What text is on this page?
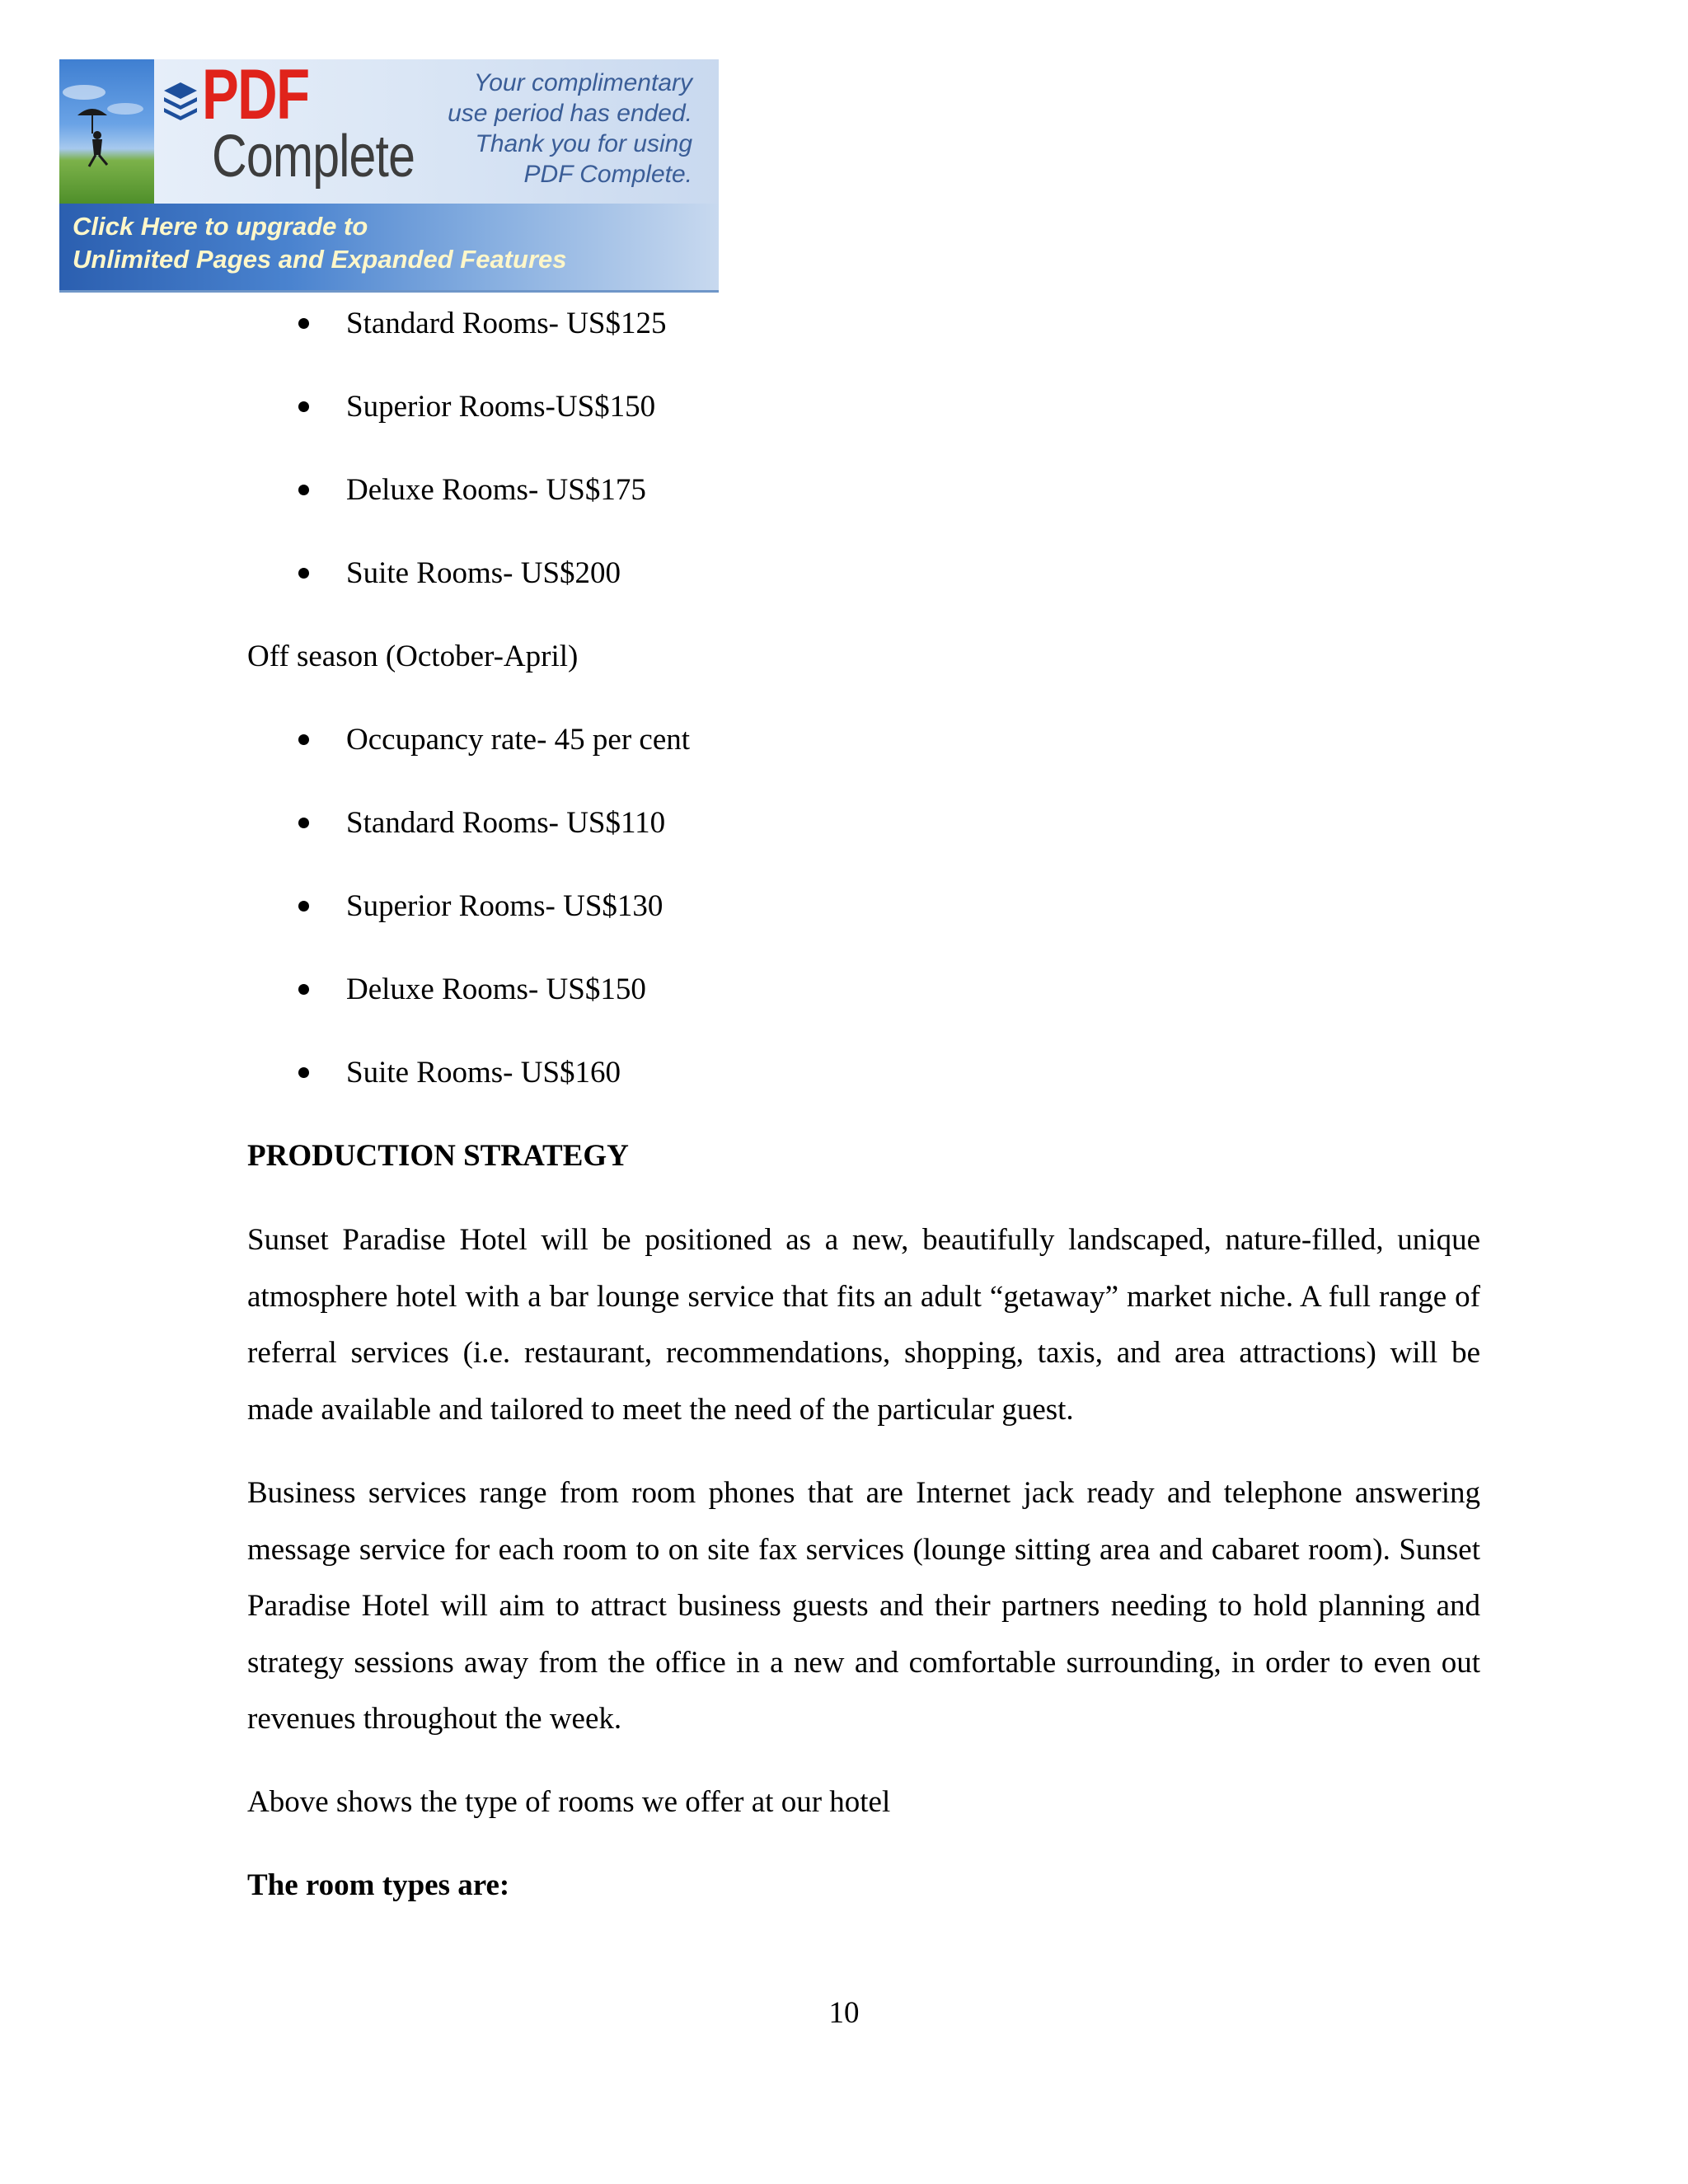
PDF
Complete
Your complimentary
use period has ended.
Thank you for using
PDF Complete.
Click Here to upgrade to
Unlimited Pages and Expanded Features
Standard Rooms- US$125
Superior Rooms-US$150
Deluxe Rooms- US$175
Suite Rooms- US$200
Off season (October-April)
Occupancy rate- 45 per cent
Standard Rooms- US$110
Superior Rooms- US$130
Deluxe Rooms- US$150
Suite Rooms- US$160
PRODUCTION STRATEGY

Sunset Paradise Hotel will be positioned as a new, beautifully landscaped, nature-filled, unique atmosphere hotel with a bar lounge service that fits an adult “getaway” market niche. A full range of referral services (i.e. restaurant, recommendations, shopping, taxis, and area attractions) will be made available and tailored to meet the need of the particular guest.

Business services range from room phones that are Internet jack ready and telephone answering message service for each room to on site fax services (lounge sitting area and cabaret room). Sunset Paradise Hotel will aim to attract business guests and their partners needing to hold planning and strategy sessions away from the office in a new and comfortable surrounding, in order to even out revenues throughout the week.

Above shows the type of rooms we offer at our hotel
The room types are:
10
